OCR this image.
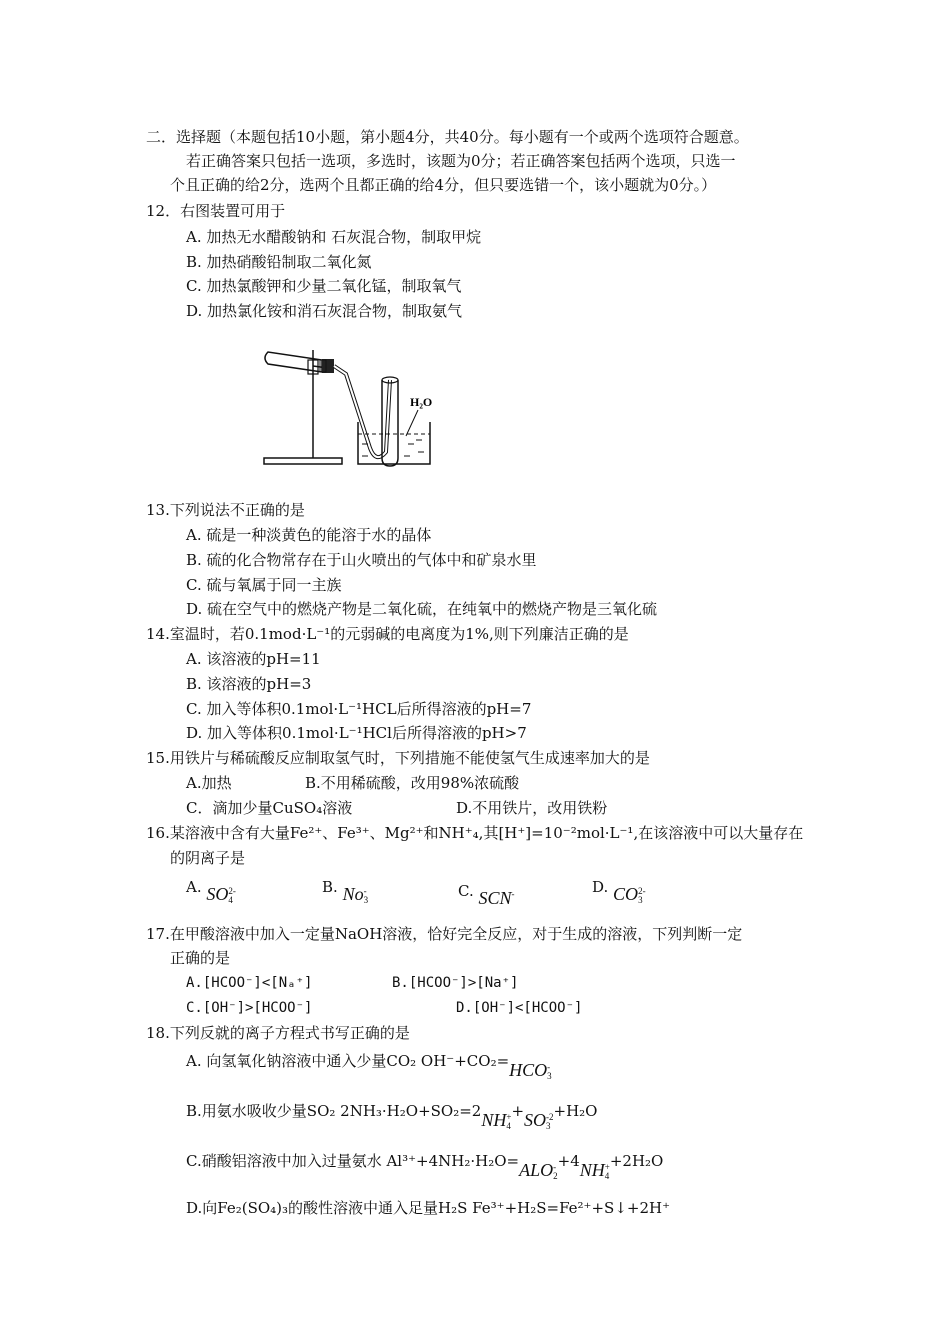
二．选择题（本题包括10小题，第小题4分，共40分。每小题有一个或两个选项符合题意。
若正确答案只包括一选项，多选时，该题为0分；若正确答案包括两个选项，只选一
个且正确的给2分，选两个且都正确的给4分，但只要选错一个，该小题就为0分。）
12．右图装置可用于
A. 加热无水醋酸钠和 石灰混合物，制取甲烷
B. 加热硝酸铅制取二氧化氮
C. 加热氯酸钾和少量二氧化锰，制取氧气
D. 加热氯化铵和消石灰混合物，制取氨气
H₂O
13.下列说法不正确的是
A. 硫是一种淡黄色的能溶于水的晶体
B. 硫的化合物常存在于山火喷出的气体中和矿泉水里
C. 硫与氧属于同一主族
D. 硫在空气中的燃烧产物是二氧化硫，在纯氧中的燃烧产物是三氧化硫
14.室温时，若0.1mod·L⁻¹的元弱碱的电离度为1%,则下列廉洁正确的是
A. 该溶液的pH=11
B. 该溶液的pH=3
C. 加入等体积0.1mol·L⁻¹HCL后所得溶液的pH=7
D. 加入等体积0.1mol·L⁻¹HCl后所得溶液的pH>7
15.用铁片与稀硫酸反应制取氢气时，下列措施不能使氢气生成速率加大的是
A.加热	B.不用稀硫酸，改用98%浓硫酸
C．滴加少量CuSO₄溶液	D.不用铁片，改用铁粉
16.某溶液中含有大量Fe²⁺、Fe³⁺、Mg²⁺和NH⁺₄,其[H⁺]=10⁻²mol·L⁻¹,在该溶液中可以大量存在
的阴离子是
A. SO 2-
4
B. No -
3	C. SCN-	D. CO 2-
3
17.在甲酸溶液中加入一定量NaOH溶液，恰好完全反应，对于生成的溶液，下列判断一定
正确的是
A.[HCOO⁻]<[Nₐ⁺]	B.[HCOO⁻]>[Na⁺]
C.[OH⁻]>[HCOO⁻]	D.[OH⁻]<[HCOO⁻]
18.下列反就的离子方程式书写正确的是
A. 向氢氧化钠溶液中通入少量CO₂ OH⁻+CO₂=HCO -
3
B.用氨水吸收少量SO₂ 2NH₃·H₂O+SO₂=2NH +
4
+SO -2
3
+H₂O
C.硝酸铝溶液中加入过量氨水 Al³⁺+4NH₂·H₂O=ALO -
2
+4NH +
4
+2H₂O
D.向Fe₂(SO₄)₃的酸性溶液中通入足量H₂S Fe³⁺+H₂S=Fe²⁺+S↓+2H⁺
